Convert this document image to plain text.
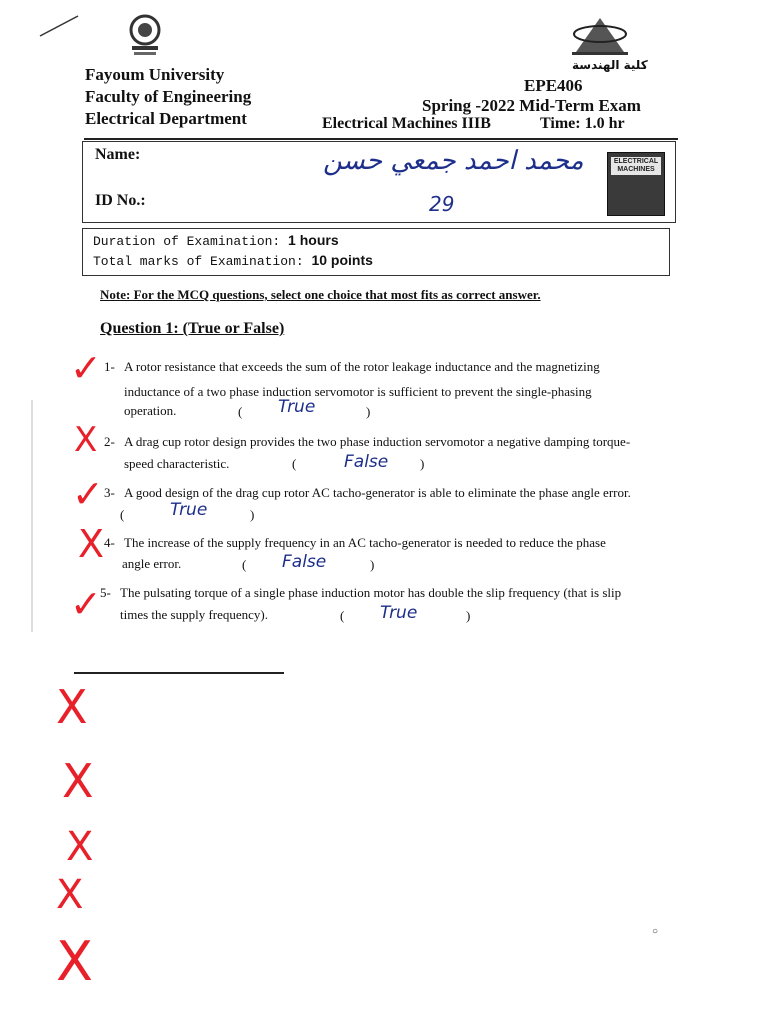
كلية الهندسة
Fayoum University
Faculty of Engineering
Electrical Department
EPE406
Spring -2022 Mid-Term Exam
Electrical Machines IIIB	Time: 1.0 hr
Name:	محمد احمد جمعي حسن
ID No.:	29
ELECTRICAL MACHINES
Duration of Examination: 1 hours
Total marks of Examination: 10 points
Note: For the MCQ questions, select one choice that most fits as correct answer.
Question 1: (True or False)
✓ 1- A rotor resistance that exceeds the sum of the rotor leakage inductance and the magnetizing
inductance of a two phase induction servomotor is sufficient to prevent the single-phasing
operation.	( True	)
X 2- A drag cup rotor design provides the two phase induction servomotor a negative damping torque-
speed characteristic.	(	False )
✓ 3- A good design of the drag cup rotor AC tacho-generator is able to eliminate the phase angle error.
(	True	)
X 4- The increase of the supply frequency in an AC tacho-generator is needed to reduce the phase
angle error.	( False	)
✓
5- The pulsating torque of a single phase induction motor has double the slip frequency (that is slip
times the supply frequency).	( True	)
X
X
X
X
X	○
